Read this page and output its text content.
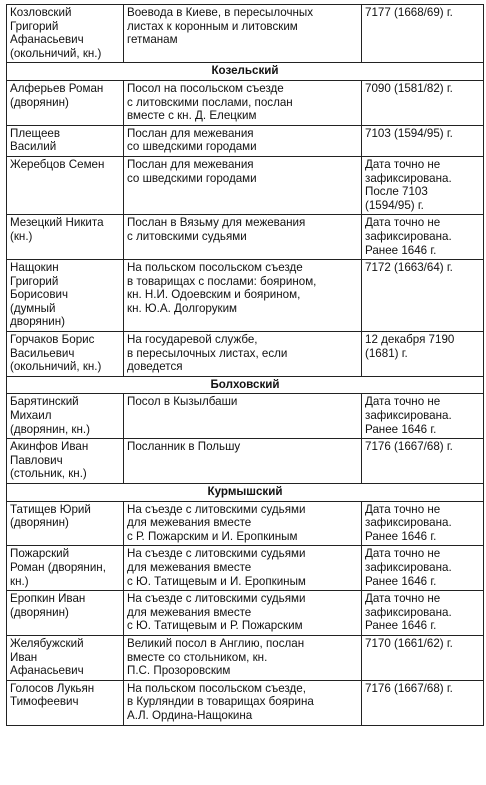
Козловский
Григорий
Афанасьевич
(окольничий, кн.)	Воевода в Киеве, в пересылочных
листах к коронным и литовским
гетманам	7177 (1668/69) г.
Козельский		
Алферьев Роман
(дворянин)	Посол на посольском съезде
с литовскими послами, послан
вместе с кн. Д. Елецким	7090 (1581/82) г.
Плещеев
Василий	Послан для межевания
со шведскими городами	7103 (1594/95) г.
Жеребцов Семен	Послан для межевания
со шведскими городами	Дата точно не
зафиксирована.
После 7103
(1594/95) г.
Мезецкий Никита
(кн.)	Послан в Вязьму для межевания
с литовскими судьями	Дата точно не
зафиксирована.
Ранее 1646 г.
Нащокин
Григорий
Борисович
(думный
дворянин)	На польском посольском съезде
в товарищах с послами: боярином,
кн. Н.И. Одоевским и боярином,
кн. Ю.А. Долгоруким	7172 (1663/64) г.
Горчаков Борис
Васильевич
(окольничий, кн.)	На государевой службе,
в пересылочных листах, если
доведется	12 декабря 7190
(1681) г.
Болховский		
Барятинский
Михаил
(дворянин, кн.)	Посол в Кызылбаши	Дата точно не
зафиксирована.
Ранее 1646 г.
Акинфов Иван
Павлович
(стольник, кн.)	Посланник в Польшу	7176 (1667/68) г.
Курмышский		
Татищев Юрий
(дворянин)	На съезде с литовскими судьями
для межевания вместе
с Р. Пожарским и И. Еропкиным	Дата точно не
зафиксирована.
Ранее 1646 г.
Пожарский
Роман (дворянин,
кн.)	На съезде с литовскими судьями
для межевания вместе
с Ю. Татищевым и И. Еропкиным	Дата точно не
зафиксирована.
Ранее 1646 г.
Еропкин Иван
(дворянин)	На съезде с литовскими судьями
для межевания вместе
с Ю. Татищевым и Р. Пожарским	Дата точно не
зафиксирована.
Ранее 1646 г.
Желябужский
Иван
Афанасьевич	Великий посол в Англию, послан
вместе со стольником, кн.
П.С. Прозоровским	7170 (1661/62) г.
Голосов Лукьян
Тимофеевич	На польском посольском съезде,
в Курляндии в товарищах боярина
А.Л. Ордина-Нащокина	7176 (1667/68) г.
